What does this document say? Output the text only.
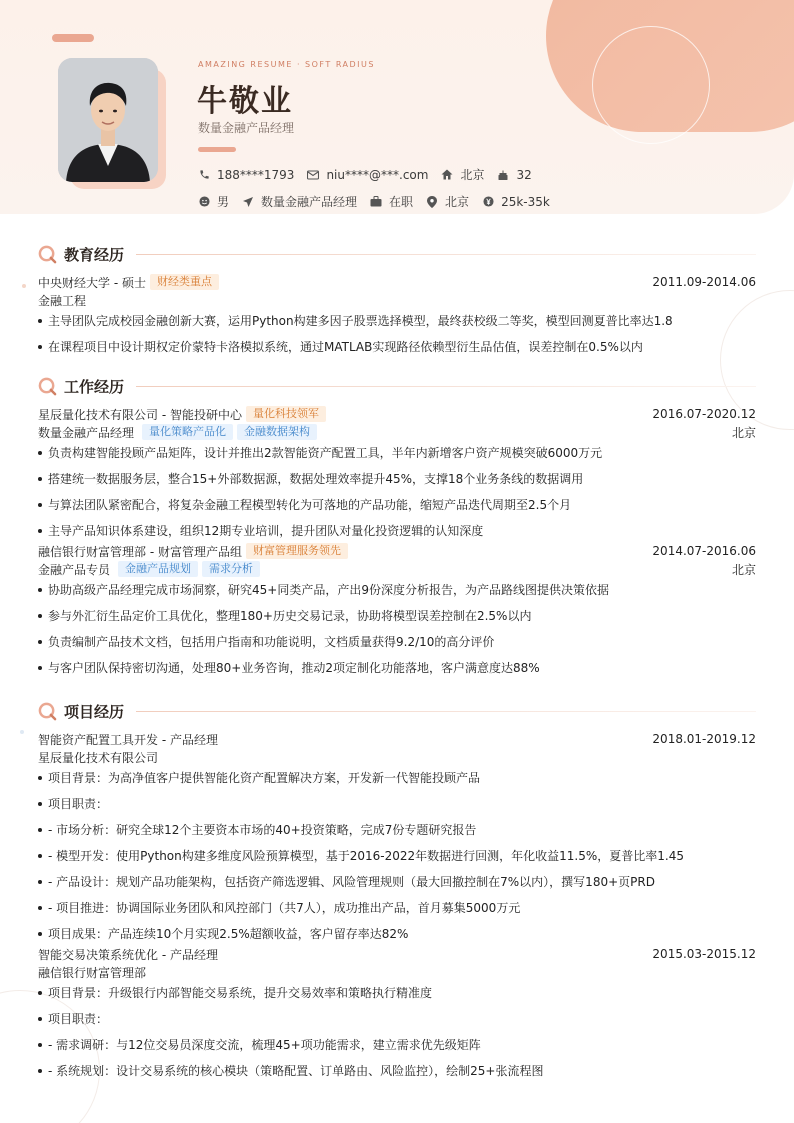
AMAZING RESUME · SOFT RADIUS
牛敬业
数量金融产品经理
188****1793	niu****@***.com	北京	32
男	数量金融产品经理	在职	北京	25k-35k
教育经历
中央财经大学 - 硕士	财经类重点	2011.09-2014.06
金融工程
主导团队完成校园金融创新大赛，运用Python构建多因子股票选择模型，最终获校级二等奖，模型回测夏普比率达1.8
在课程项目中设计期权定价蒙特卡洛模拟系统，通过MATLAB实现路径依赖型衍生品估值，误差控制在0.5%以内
工作经历
星辰量化技术有限公司 - 智能投研中心	量化科技领军	2016.07-2020.12
数量金融产品经理	量化策略产品化	金融数据架构	北京
负责构建智能投顾产品矩阵，设计并推出2款智能资产配置工具，半年内新增客户资产规模突破6000万元
搭建统一数据服务层，整合15+外部数据源，数据处理效率提升45%，支撑18个业务条线的数据调用
与算法团队紧密配合，将复杂金融工程模型转化为可落地的产品功能，缩短产品迭代周期至2.5个月
主导产品知识体系建设，组织12期专业培训，提升团队对量化投资逻辑的认知深度
融信银行财富管理部 - 财富管理产品组	财富管理服务领先	2014.07-2016.06
金融产品专员	金融产品规划	需求分析	北京
协助高级产品经理完成市场洞察，研究45+同类产品，产出9份深度分析报告，为产品路线图提供决策依据
参与外汇衍生品定价工具优化，整理180+历史交易记录，协助将模型误差控制在2.5%以内
负责编制产品技术文档，包括用户指南和功能说明，文档质量获得9.2/10的高分评价
与客户团队保持密切沟通，处理80+业务咨询，推动2项定制化功能落地，客户满意度达88%
项目经历
智能资产配置工具开发 - 产品经理	2018.01-2019.12
星辰量化技术有限公司
项目背景：为高净值客户提供智能化资产配置解决方案，开发新一代智能投顾产品
项目职责：
- 市场分析：研究全球12个主要资本市场的40+投资策略，完成7份专题研究报告
- 模型开发：使用Python构建多维度风险预算模型，基于2016-2022年数据进行回测，年化收益11.5%，夏普比率1.45
- 产品设计：规划产品功能架构，包括资产筛选逻辑、风险管理规则（最大回撤控制在7%以内），撰写180+页PRD
- 项目推进：协调国际业务团队和风控部门（共7人），成功推出产品，首月募集5000万元
项目成果：产品连续10个月实现2.5%超额收益，客户留存率达82%
智能交易决策系统优化 - 产品经理	2015.03-2015.12
融信银行财富管理部
项目背景：升级银行内部智能交易系统，提升交易效率和策略执行精准度
项目职责：
- 需求调研：与12位交易员深度交流，梳理45+项功能需求，建立需求优先级矩阵
- 系统规划：设计交易系统的核心模块（策略配置、订单路由、风险监控），绘制25+张流程图
